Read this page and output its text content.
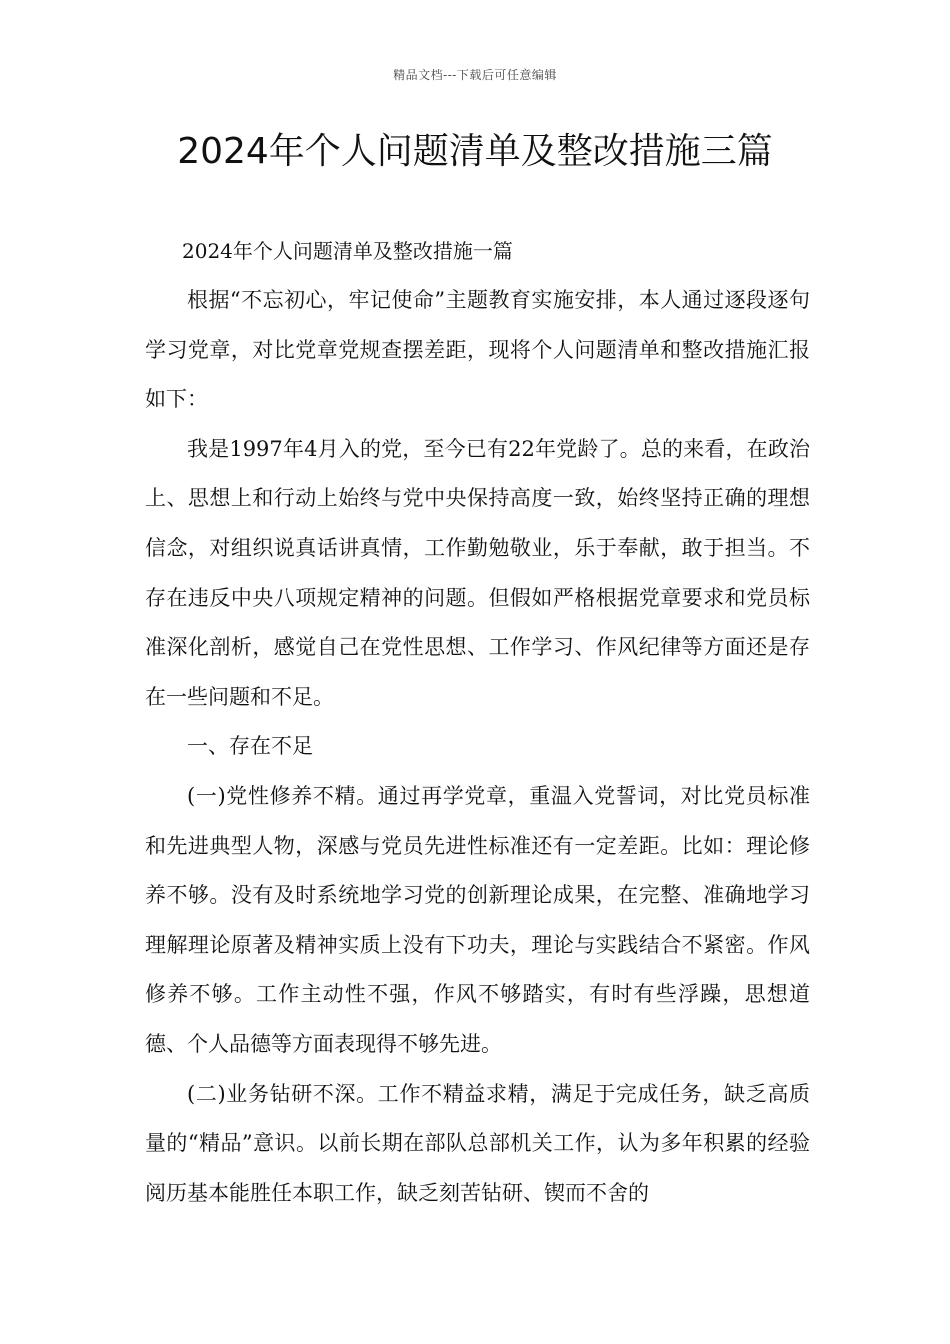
精品文档---下载后可任意编辑
2024年个人问题清单及整改措施三篇

2024年个人问题清单及整改措施一篇

根据“不忘初心，牢记使命”主题教育实施安排，本人通过逐段逐句学习党章，对比党章党规查摆差距，现将个人问题清单和整改措施汇报如下：

我是1997年4月入的党，至今已有22年党龄了。总的来看，在政治上、思想上和行动上始终与党中央保持高度一致，始终坚持正确的理想信念，对组织说真话讲真情，工作勤勉敬业，乐于奉献，敢于担当。不存在违反中央八项规定精神的问题。但假如严格根据党章要求和党员标准深化剖析，感觉自己在党性思想、工作学习、作风纪律等方面还是存在一些问题和不足。

一、存在不足

(一)党性修养不精。通过再学党章，重温入党誓词，对比党员标准和先进典型人物，深感与党员先进性标准还有一定差距。比如：理论修养不够。没有及时系统地学习党的创新理论成果，在完整、准确地学习理解理论原著及精神实质上没有下功夫，理论与实践结合不紧密。作风修养不够。工作主动性不强，作风不够踏实，有时有些浮躁，思想道德、个人品德等方面表现得不够先进。

(二)业务钻研不深。工作不精益求精，满足于完成任务，缺乏高质量的“精品”意识。以前长期在部队总部机关工作，认为多年积累的经验阅历基本能胜任本职工作，缺乏刻苦钻研、锲而不舍的
